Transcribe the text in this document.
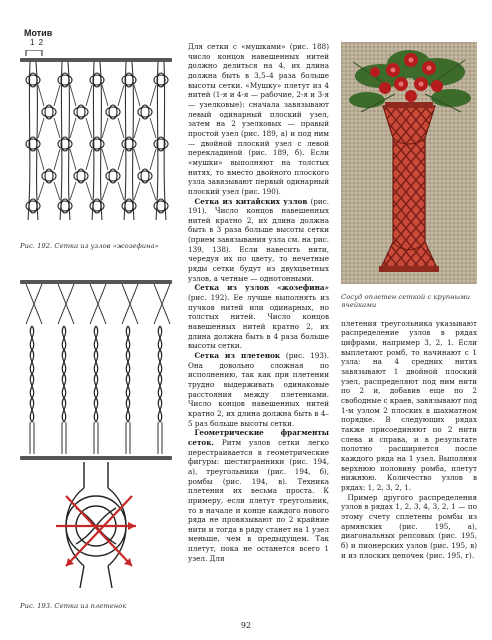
Мотив
1 2
Рис. 192. Сетка из узлов «жозефина»
Рис. 193. Сетка из плетенок

Для сетки с «мушками» (рис. 188) число концов навешенных нитей должно делиться на 4, их длина должна быть в 3,5–4 раза больше высоты сетки. «Мушку» плетут из 4 нитей (1-я и 4-я — рабочие, 2-я и 3-я — узелковые): сначала завязывают левый одинарный плоский узел, затем на 2 узелковых — правый простой узел (рис. 189, а) и под ним — двойной плоский узел с левой перекладиной (рис. 189, б). Если «мушки» выполняют на толстых нитях, то вместо двойного плоского узла завязывают первый одинарный плоский узел (рис. 190).

Сетка из китайских узлов (рис. 191). Число концов навешенных нитей кратно 2, их длина должна быть в 3 раза больше высоты сетки (прием завязывания узла см. на рис. 139, 138). Если навесить нити, чередуя их по цвету, то нечетные ряды сетки будут из двухцветных узлов, а четные — однотонными.

Сетка из узлов «жозефина» (рис. 192). Ее лучше выполнять из пучков нитей или одинарных, но толстых нитей. Число концов навешенных нитей кратно 2, их длина должна быть в 4 раза больше высоты сетки.

Сетка из плетенок (рис. 193). Она довольно сложная по исполнению, так как при плетении трудно выдерживать одинаковые расстояния между плетенками. Число концов навешенных нитей кратно 2, их длина должна быть в 4–5 раз больше высоты сетки.

Геометрические фрагменты сеток. Ритм узлов сетки легко перестраивается в геометрические фигуры: шестигранники (рис. 194, а), треугольники (рис. 194, б), ромбы (рис. 194, в). Техника плетения их весьма проста. К примеру, если плетут треугольник, то в начале и конце каждого нового ряда не провязывают по 2 крайние нити и тогда в ряду станет на 1 узел меньше, чем в предыдущем. Так плетут, пока не останется всего 1 узел. Для

Сосуд оплетен сеткой с крупными ячейками

плетения треугольника указывают распределение узлов в рядах цифрами, например 3, 2, 1. Если выплетают ромб, то начинают с 1 узла: на 4 средних нитях завязывают 1 двойной плоский узел, распределяют под ним нити по 2 и, добавив еще по 2 свободные с краев, завязывают под 1-м узлом 2 плоских в шахматном порядке. В следующих рядах также присоединяют по 2 нити слева и справа, и в результате полотно расширяется после каждого ряда на 1 узел. Выполняя верхнюю половину ромба, плетут нижнюю. Количество узлов в рядах: 1, 2, 3, 2, 1.

Пример другого распределения узлов в рядах 1, 2, 3, 4, 3, 2, 1 — по этому счету сплетены ромбы из армянских (рис. 195, а), диагональных репсовых (рис. 195, б) и пионерских узлов (рис. 195, в) и из плоских цепочек (рис. 195, г).

92
